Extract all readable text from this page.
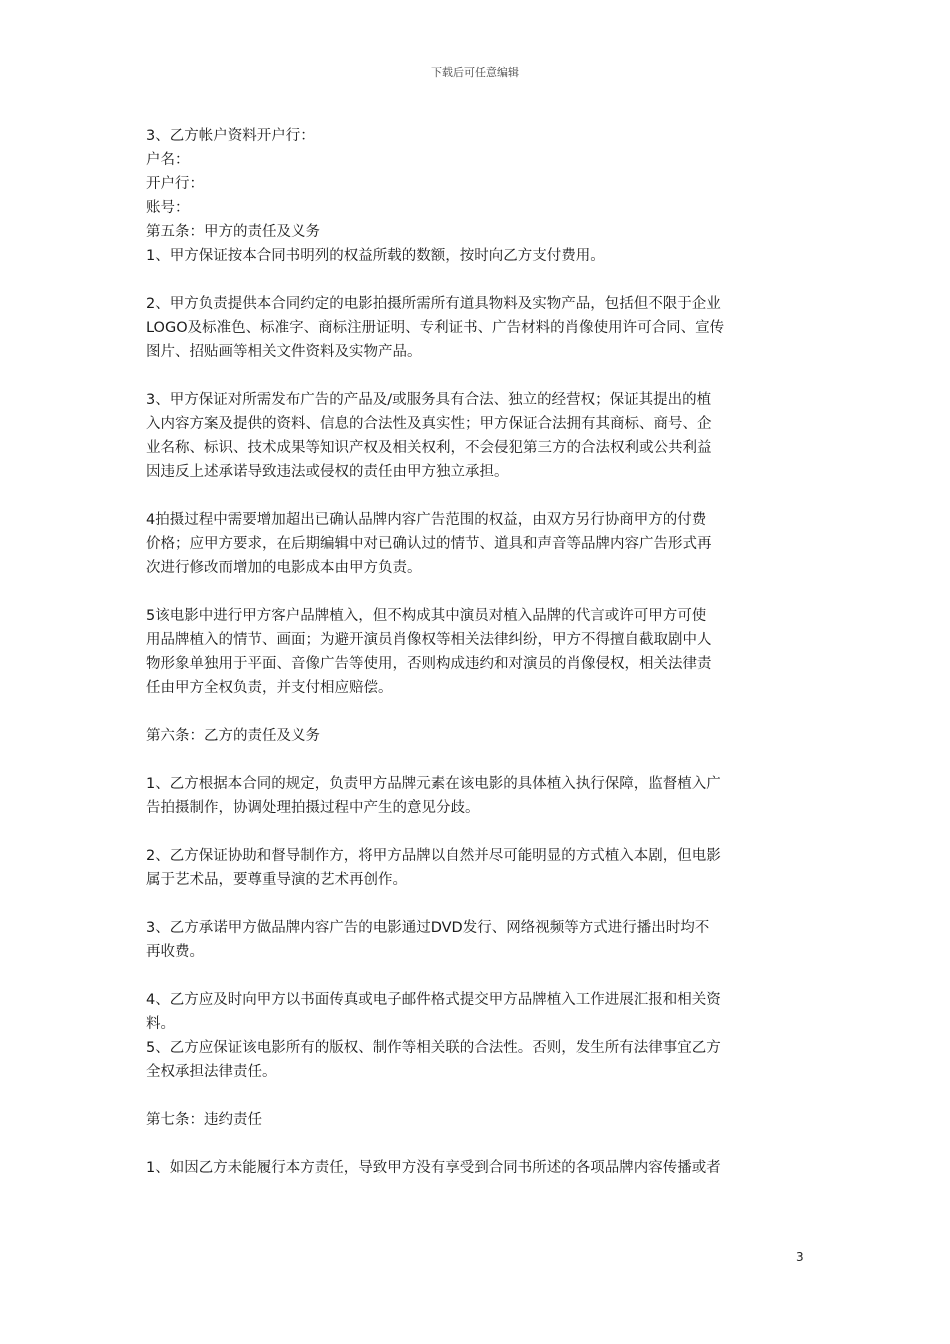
下载后可任意编辑
3、乙方帐户资料开户行：
户名：
开户行：
账号：
第五条：甲方的责任及义务
1、甲方保证按本合同书明列的权益所载的数额，按时向乙方支付费用。
2、甲方负责提供本合同约定的电影拍摄所需所有道具物料及实物产品，包括但不限于企业
LOGO及标准色、标准字、商标注册证明、专利证书、广告材料的肖像使用许可合同、宣传
图片、招贴画等相关文件资料及实物产品。
3、甲方保证对所需发布广告的产品及/或服务具有合法、独立的经营权；保证其提出的植
入内容方案及提供的资料、信息的合法性及真实性；甲方保证合法拥有其商标、商号、企
业名称、标识、技术成果等知识产权及相关权利，不会侵犯第三方的合法权利或公共利益
因违反上述承诺导致违法或侵权的责任由甲方独立承担。
4拍摄过程中需要增加超出已确认品牌内容广告范围的权益，由双方另行协商甲方的付费
价格；应甲方要求，在后期编辑中对已确认过的情节、道具和声音等品牌内容广告形式再
次进行修改而增加的电影成本由甲方负责。
5该电影中进行甲方客户品牌植入，但不构成其中演员对植入品牌的代言或许可甲方可使
用品牌植入的情节、画面；为避开演员肖像权等相关法律纠纷，甲方不得擅自截取剧中人
物形象单独用于平面、音像广告等使用，否则构成违约和对演员的肖像侵权，相关法律责
任由甲方全权负责，并支付相应赔偿。
第六条：乙方的责任及义务
1、乙方根据本合同的规定，负责甲方品牌元素在该电影的具体植入执行保障，监督植入广
告拍摄制作，协调处理拍摄过程中产生的意见分歧。
2、乙方保证协助和督导制作方，将甲方品牌以自然并尽可能明显的方式植入本剧，但电影
属于艺术品，要尊重导演的艺术再创作。
3、乙方承诺甲方做品牌内容广告的电影通过DVD发行、网络视频等方式进行播出时均不
再收费。
4、乙方应及时向甲方以书面传真或电子邮件格式提交甲方品牌植入工作进展汇报和相关资
料。
5、乙方应保证该电影所有的版权、制作等相关联的合法性。否则，发生所有法律事宜乙方
全权承担法律责任。
第七条：违约责任
1、如因乙方未能履行本方责任，导致甲方没有享受到合同书所述的各项品牌内容传播或者
3
